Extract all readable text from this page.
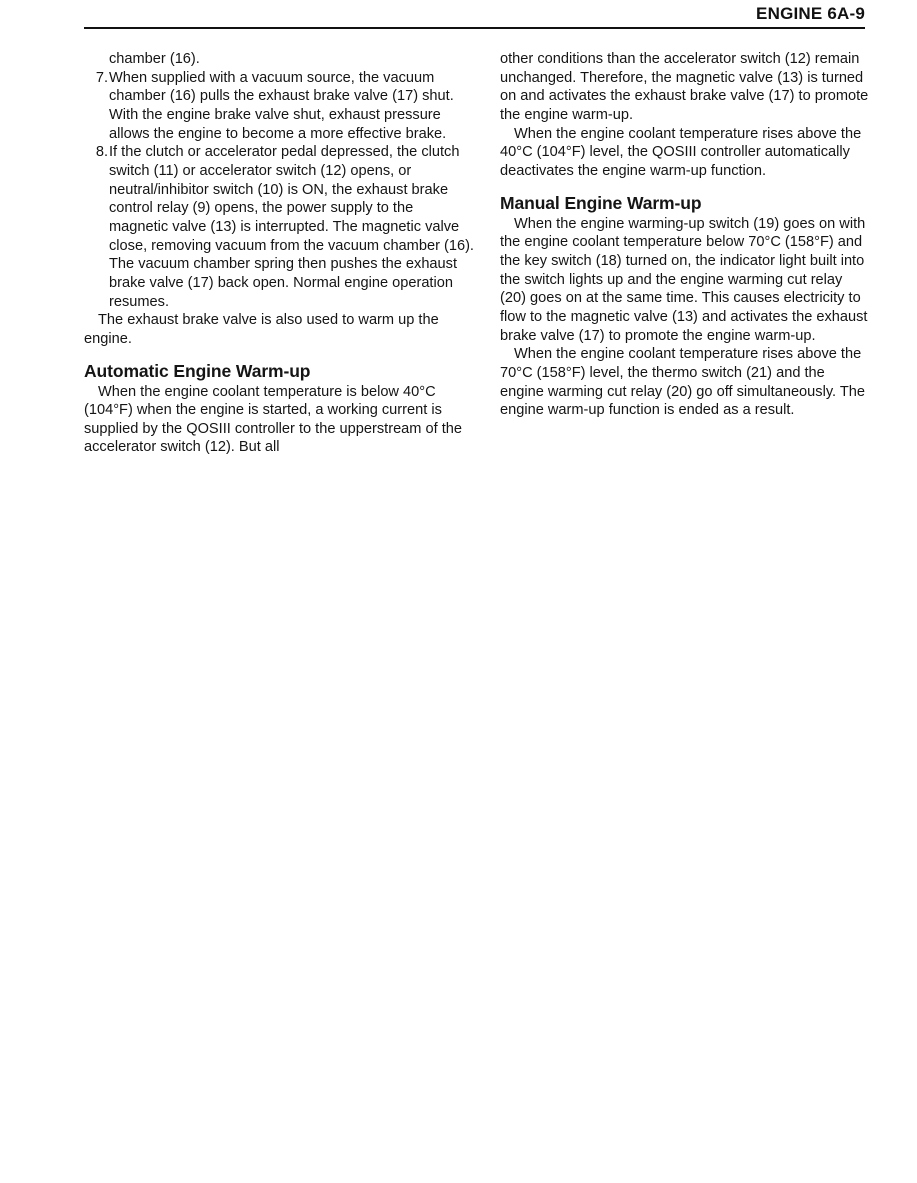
ENGINE 6A-9
chamber (16).
7. When supplied with a vacuum source, the vacuum chamber (16) pulls the exhaust brake valve (17) shut. With the engine brake valve shut, exhaust pressure allows the engine to become a more effective brake.
8. If the clutch or accelerator pedal depressed, the clutch switch (11) or accelerator switch (12) opens, or neutral/inhibitor switch (10) is ON, the exhaust brake control relay (9) opens, the power supply to the magnetic valve (13) is interrupted. The magnetic valve close, removing vacuum from the vacuum chamber (16). The vacuum chamber spring then pushes the exhaust brake valve (17) back open. Normal engine operation resumes.
The exhaust brake valve is also used to warm up the engine.
Automatic Engine Warm-up
When the engine coolant temperature is below 40°C (104°F) when the engine is started, a working current is supplied by the QOSIII controller to the upperstream of the accelerator switch (12). But all
other conditions than the accelerator switch (12) remain unchanged. Therefore, the magnetic valve (13) is turned on and activates the exhaust brake valve (17) to promote the engine warm-up.
When the engine coolant temperature rises above the 40°C (104°F) level, the QOSIII controller automatically deactivates the engine warm-up function.
Manual Engine Warm-up
When the engine warming-up switch (19) goes on with the engine coolant temperature below 70°C (158°F) and the key switch (18) turned on, the indicator light built into the switch lights up and the engine warming cut relay (20) goes on at the same time. This causes electricity to flow to the magnetic valve (13) and activates the exhaust brake valve (17) to promote the engine warm-up.
When the engine coolant temperature rises above the 70°C (158°F) level, the thermo switch (21) and the engine warming cut relay (20) go off simultaneously. The engine warm-up function is ended as a result.
